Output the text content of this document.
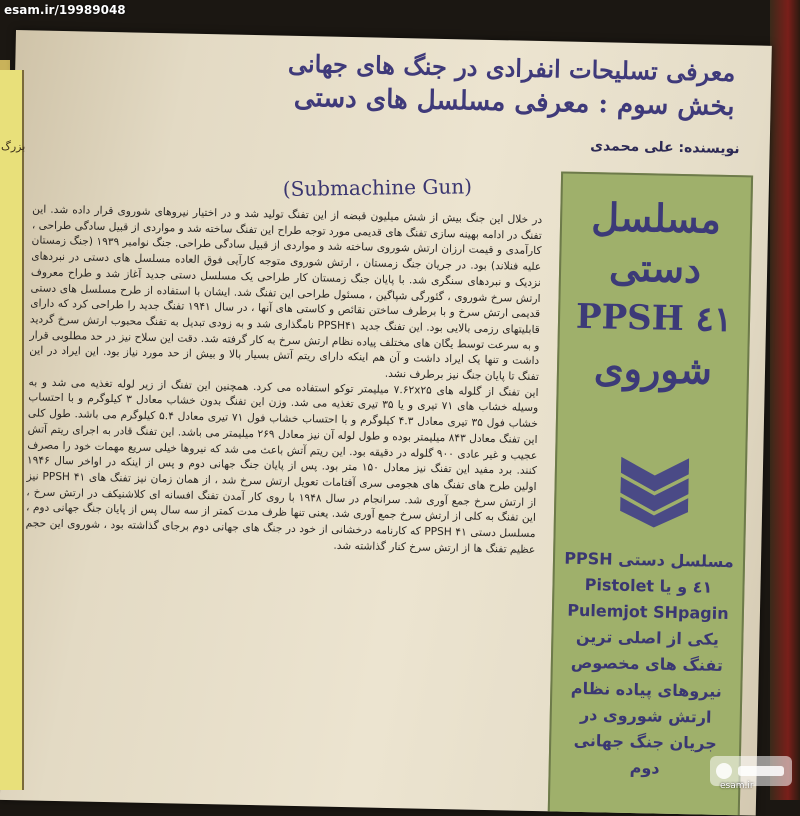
معرفی تسلیحات انفرادی در جنگ های جهانی

بخش سوم : معرفی مسلسل های دستی

نویسنده: علی محمدی
(Submachine Gun)

در خلال این جنگ بیش از شش میلیون قبضه از این تفنگ تولید شد و در اختیار نیروهای شوروی قرار داده شد. این تفنگ در ادامه بهینه سازی تفنگ های قدیمی مورد توجه طراح این تفنگ ساخته شد و مواردی از قبیل سادگی طراحی ، کارآمدی و قیمت ارزان ارتش شوروی ساخته شد و مواردی از قبیل سادگی طراحی. جنگ نوامبر ۱۹۳۹ (جنگ زمستان علیه فنلاند) بود. در جریان جنگ زمستان ، ارتش شوروی متوجه کارآیی فوق العاده مسلسل های دستی در نبردهای نزدیک و نبردهای سنگری شد. با پایان جنگ زمستان کار طراحی یک مسلسل دستی جدید آغاز شد و طراح معروف ارتش سرخ شوروی ، گئورگی شپاگین ، مسئول طراحی این تفنگ شد. ایشان با استفاده از طرح مسلسل های دستی قدیمی ارتش سرخ و با برطرف ساختن نقائص و کاستی های آنها ، در سال ۱۹۴۱ تفنگ جدید را طراحی کرد که دارای قابلیتهای رزمی بالایی بود. این تفنگ جدید PPSH۴۱ نامگذاری شد و به زودی تبدیل به تفنگ محبوب ارتش سرخ گردید و به سرعت توسط یگان های مختلف پیاده نظام ارتش سرخ به کار گرفته شد. دقت این سلاح نیز در حد مطلوبی قرار داشت و تنها یک ایراد داشت و آن هم اینکه دارای ریتم آتش بسیار بالا و بیش از حد مورد نیاز بود. این ایراد در این تفنگ تا پایان جنگ نیز برطرف نشد.

این تفنگ از گلوله های ۷.۶۲x۲۵ میلیمتر توکو استفاده می کرد. همچنین این تفنگ از زیر لوله تغذیه می شد و به وسیله خشاب های ۷۱ تیری و یا ۳۵ تیری تغذیه می شد. وزن این تفنگ بدون خشاب معادل ۳ کیلوگرم و با احتساب خشاب فول ۳۵ تیری معادل ۴.۳ کیلوگرم و با احتساب خشاب فول ۷۱ تیری معادل ۵.۴ کیلوگرم می باشد. طول کلی این تفنگ معادل ۸۴۳ میلیمتر بوده و طول لوله آن نیز معادل ۲۶۹ میلیمتر می باشد. این تفنگ قادر به اجرای ریتم آتش عجیب و غیر عادی ۹۰۰ گلوله در دقیقه بود. این ریتم آتش باعث می شد که نیروها خیلی سریع مهمات خود را مصرف کنند. برد مفید این تفنگ نیز معادل ۱۵۰ متر بود. پس از پایان جنگ جهانی دوم و پس از اینکه در اواخر سال ۱۹۴۶ اولین طرح های تفنگ های هجومی سری آفتامات تعویل ارتش سرخ شد ، از همان زمان نیز تفنگ های PPSH ۴۱ نیز از ارتش سرخ جمع آوری شد. سرانجام در سال ۱۹۴۸ با روی کار آمدن تفنگ افسانه ای کلاشنیکف در ارتش سرخ ، این تفنگ به کلی از ارتش سرخ جمع آوری شد. یعنی تنها ظرف مدت کمتر از سه سال پس از پایان جنگ جهانی دوم ، مسلسل دستی PPSH ۴۱ که کارنامه درخشانی از خود در جنگ های جهانی دوم برجای گذاشته بود ، شوروی این حجم عظیم تفنگ ها از ارتش سرخ کنار گذاشته شد.

مسلسل
دستی
PPSH ٤١
شوروی
مسلسل دستی PPSH ٤١ و یا Pistolet Pulemjot SHpagin یکی از اصلی ترین تفنگ های مخصوص نیروهای پیاده نظام ارتش شوروی در جریان جنگ جهانی دوم
بزرگ
esam.ir/19989048
esam.ir
